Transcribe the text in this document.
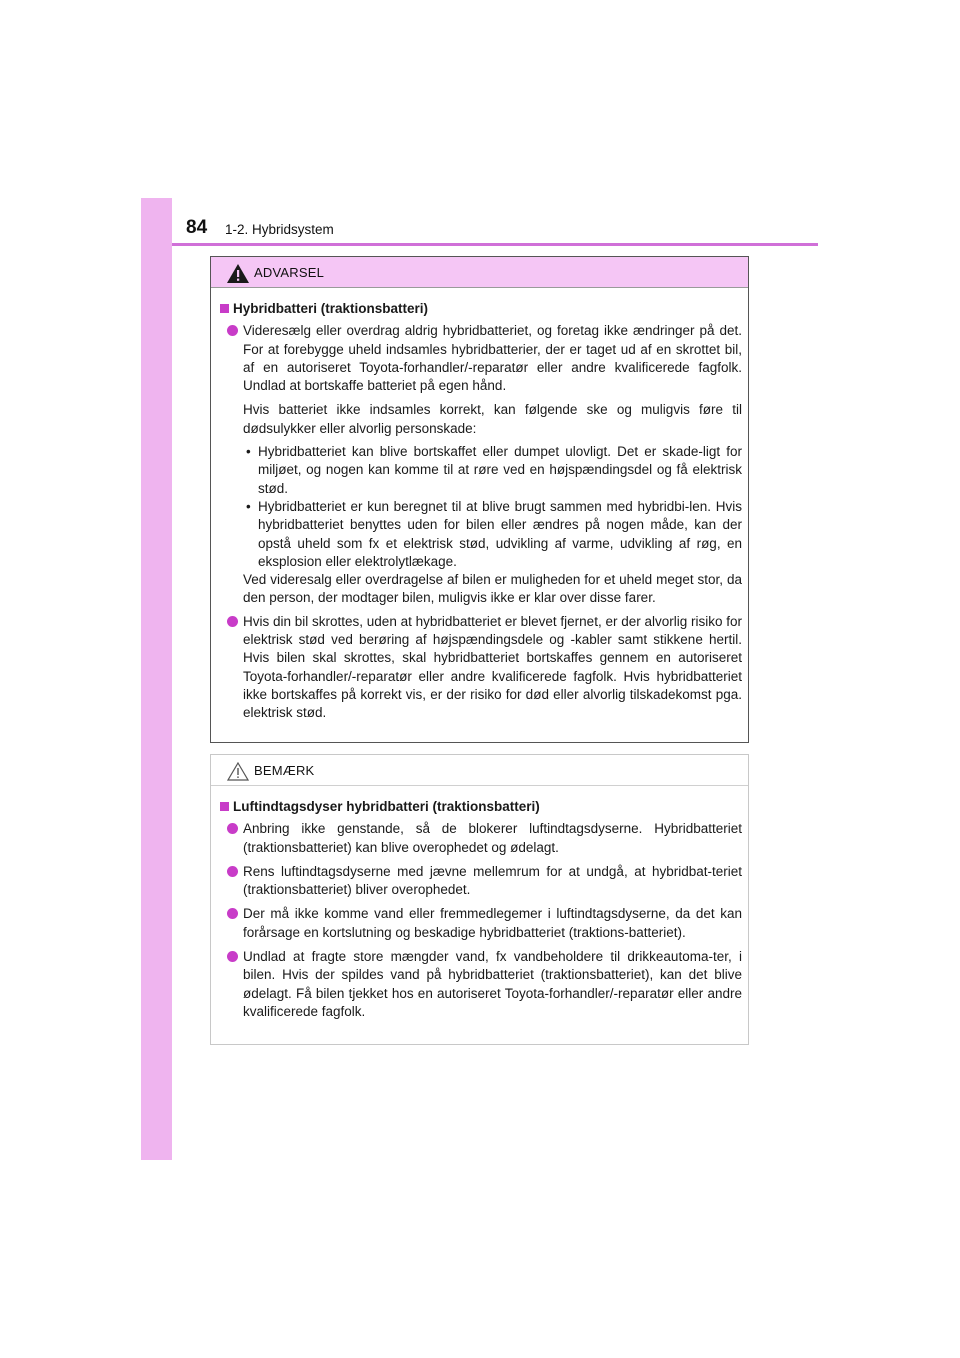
84 1-2. Hybridsystem
ADVARSEL
Hybridbatteri (traktionsbatteri)
Videresælg eller overdrag aldrig hybridbatteriet, og foretag ikke ændringer på det. For at forebygge uheld indsamles hybridbatterier, der er taget ud af en skrottet bil, af en autoriseret Toyota-forhandler/-reparatør eller andre kvalificerede fagfolk. Undlad at bortskaffe batteriet på egen hånd.
Hvis batteriet ikke indsamles korrekt, kan følgende ske og muligvis føre til dødsulykker eller alvorlig personskade:
• Hybridbatteriet kan blive bortskaffet eller dumpet ulovligt. Det er skade-ligt for miljøet, og nogen kan komme til at røre ved en højspændingsdel og få elektrisk stød.
• Hybridbatteriet er kun beregnet til at blive brugt sammen med hybridbi-len. Hvis hybridbatteriet benyttes uden for bilen eller ændres på nogen måde, kan der opstå uheld som fx et elektrisk stød, udvikling af varme, udvikling af røg, en eksplosion eller elektrolytlækage.
Ved videresalg eller overdragelse af bilen er muligheden for et uheld meget stor, da den person, der modtager bilen, muligvis ikke er klar over disse farer.
Hvis din bil skrottes, uden at hybridbatteriet er blevet fjernet, er der alvorlig risiko for elektrisk stød ved berøring af højspændingsdele og -kabler samt stikkene hertil. Hvis bilen skal skrottes, skal hybridbatteriet bortskaffes gennem en autoriseret Toyota-forhandler/-reparatør eller andre kvalificerede fagfolk. Hvis hybridbatteriet ikke bortskaffes på korrekt vis, er der risiko for død eller alvorlig tilskadekomst pga. elektrisk stød.
BEMÆRK
Luftindtagsdyser hybridbatteri (traktionsbatteri)
Anbring ikke genstande, så de blokerer luftindtagsdyserne. Hybridbatteriet (traktionsbatteriet) kan blive overophedet og ødelagt.
Rens luftindtagsdyserne med jævne mellemrum for at undgå, at hybridbat-teriet (traktionsbatteriet) bliver overophedet.
Der må ikke komme vand eller fremmedlegemer i luftindtagsdyserne, da det kan forårsage en kortslutning og beskadige hybridbatteriet (traktions-batteriet).
Undlad at fragte store mængder vand, fx vandbeholdere til drikkeautoma-ter, i bilen. Hvis der spildes vand på hybridbatteriet (traktionsbatteriet), kan det blive ødelagt. Få bilen tjekket hos en autoriseret Toyota-forhandler/-reparatør eller andre kvalificerede fagfolk.
